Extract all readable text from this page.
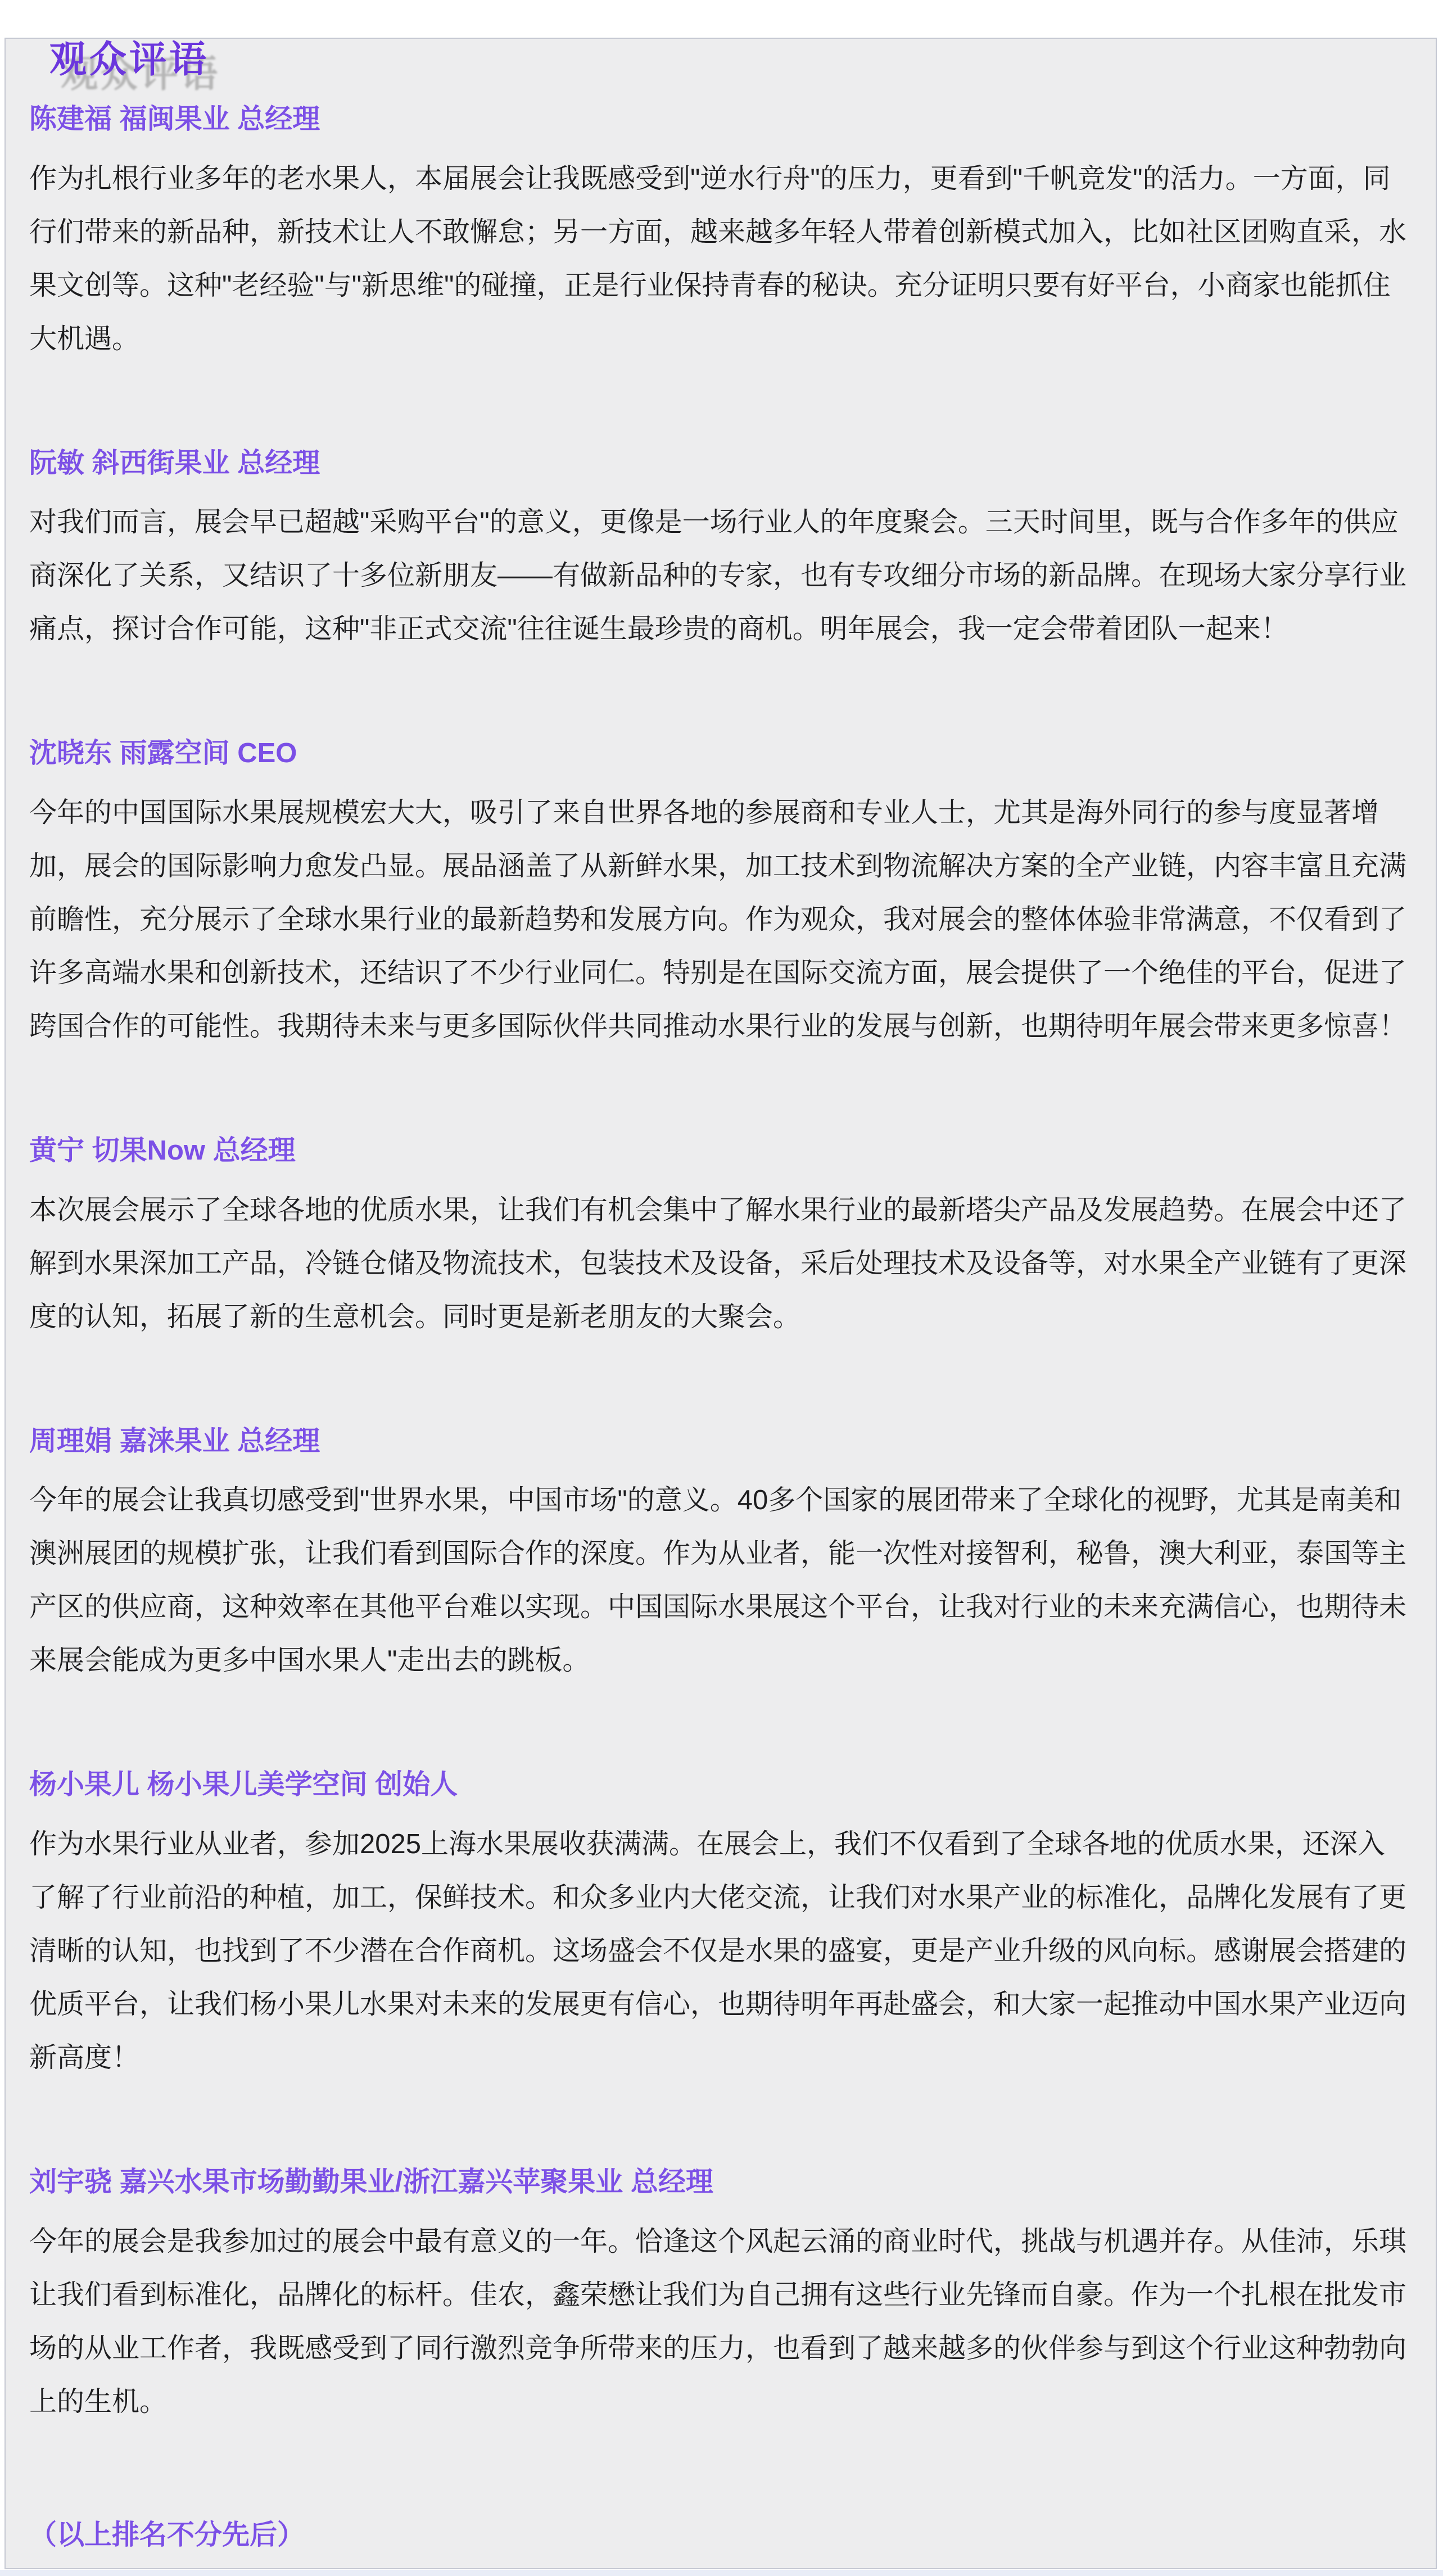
观众评语
陈建福 福闽果业 总经理

作为扎根行业多年的老水果人，本届展会让我既感受到"逆水行舟"的压力，更看到"千帆竞发"的活力。一方面，同行们带来的新品种，新技术让人不敢懈怠；另一方面，越来越多年轻人带着创新模式加入，比如社区团购直采，水果文创等。这种"老经验"与"新思维"的碰撞，正是行业保持青春的秘诀。充分证明只要有好平台，小商家也能抓住大机遇。

阮敏 斜西街果业 总经理

对我们而言，展会早已超越"采购平台"的意义，更像是一场行业人的年度聚会。三天时间里，既与合作多年的供应商深化了关系，又结识了十多位新朋友——有做新品种的专家，也有专攻细分市场的新品牌。在现场大家分享行业痛点，探讨合作可能，这种"非正式交流"往往诞生最珍贵的商机。明年展会，我一定会带着团队一起来！

沈晓东 雨露空间 CEO

今年的中国国际水果展规模宏大大，吸引了来自世界各地的参展商和专业人士，尤其是海外同行的参与度显著增加，展会的国际影响力愈发凸显。展品涵盖了从新鲜水果，加工技术到物流解决方案的全产业链，内容丰富且充满前瞻性，充分展示了全球水果行业的最新趋势和发展方向。作为观众，我对展会的整体体验非常满意，不仅看到了许多高端水果和创新技术，还结识了不少行业同仁。特别是在国际交流方面，展会提供了一个绝佳的平台，促进了跨国合作的可能性。我期待未来与更多国际伙伴共同推动水果行业的发展与创新，也期待明年展会带来更多惊喜！

黄宁 切果Now 总经理

本次展会展示了全球各地的优质水果，让我们有机会集中了解水果行业的最新塔尖产品及发展趋势。在展会中还了解到水果深加工产品，冷链仓储及物流技术，包装技术及设备，采后处理技术及设备等，对水果全产业链有了更深度的认知，拓展了新的生意机会。同时更是新老朋友的大聚会。

周理娟 嘉涞果业 总经理

今年的展会让我真切感受到"世界水果，中国市场"的意义。40多个国家的展团带来了全球化的视野，尤其是南美和澳洲展团的规模扩张，让我们看到国际合作的深度。作为从业者，能一次性对接智利，秘鲁，澳大利亚，泰国等主产区的供应商，这种效率在其他平台难以实现。中国国际水果展这个平台，让我对行业的未来充满信心，也期待未来展会能成为更多中国水果人"走出去的跳板。

杨小果儿 杨小果儿美学空间 创始人

作为水果行业从业者，参加2025上海水果展收获满满。在展会上，我们不仅看到了全球各地的优质水果，还深入了解了行业前沿的种植，加工，保鲜技术。和众多业内大佬交流，让我们对水果产业的标准化，品牌化发展有了更清晰的认知，也找到了不少潜在合作商机。这场盛会不仅是水果的盛宴，更是产业升级的风向标。感谢展会搭建的优质平台，让我们杨小果儿水果对未来的发展更有信心，也期待明年再赴盛会，和大家一起推动中国水果产业迈向新高度！

刘宇骁 嘉兴水果市场勤勤果业/浙江嘉兴苹聚果业 总经理

今年的展会是我参加过的展会中最有意义的一年。恰逢这个风起云涌的商业时代，挑战与机遇并存。从佳沛，乐琪让我们看到标准化，品牌化的标杆。佳农，鑫荣懋让我们为自己拥有这些行业先锋而自豪。作为一个扎根在批发市场的从业工作者，我既感受到了同行激烈竞争所带来的压力，也看到了越来越多的伙伴参与到这个行业这种勃勃向上的生机。

（以上排名不分先后）
